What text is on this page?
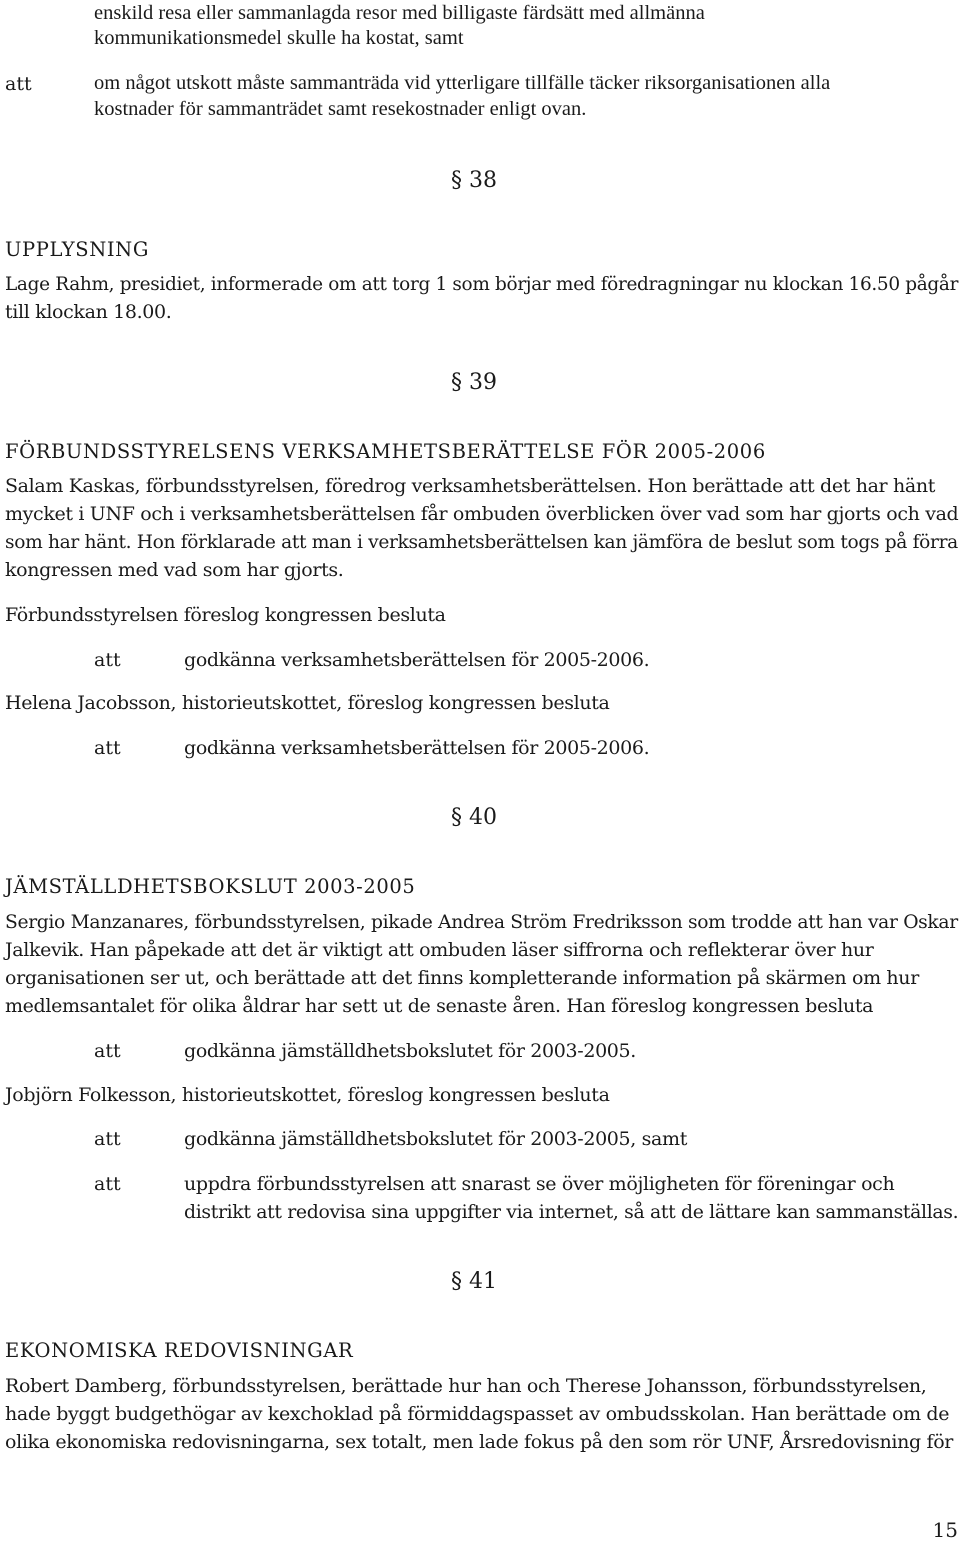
enskild resa eller sammanlagda resor med billigaste färdsätt med allmänna
kommunikationsmedel skulle ha kostat, samt
att	om något utskott måste sammanträda vid ytterligare tillfälle täcker riksorganisationen alla
kostnader för sammanträdet samt resekostnader enligt ovan.
§ 38
UPPLYSNING
Lage Rahm, presidiet, informerade om att torg 1 som börjar med föredragningar nu klockan 16.50 pågår
till klockan 18.00.
§ 39
FÖRBUNDSSTYRELSENS VERKSAMHETSBERÄTTELSE FÖR 2005-2006
Salam Kaskas, förbundsstyrelsen, föredrog verksamhetsberättelsen. Hon berättade att det har hänt
mycket i UNF och i verksamhetsberättelsen får ombuden överblicken över vad som har gjorts och vad
som har hänt. Hon förklarade att man i verksamhetsberättelsen kan jämföra de beslut som togs på förra
kongressen med vad som har gjorts.
Förbundsstyrelsen föreslog kongressen besluta
att	godkänna verksamhetsberättelsen för 2005-2006.
Helena Jacobsson, historieutskottet, föreslog kongressen besluta
att	godkänna verksamhetsberättelsen för 2005-2006.
§ 40
JÄMSTÄLLDHETSBOKSLUT 2003-2005
Sergio Manzanares, förbundsstyrelsen, pikade Andrea Ström Fredriksson som trodde att han var Oskar
Jalkevik. Han påpekade att det är viktigt att ombuden läser siffrorna och reflekterar över hur
organisationen ser ut, och berättade att det finns kompletterande information på skärmen om hur
medlemsantalet för olika åldrar har sett ut de senaste åren. Han föreslog kongressen besluta
att	godkänna jämställdhetsbokslutet för 2003-2005.
Jobjörn Folkesson, historieutskottet, föreslog kongressen besluta
att	godkänna jämställdhetsbokslutet för 2003-2005, samt
att	uppdra förbundsstyrelsen att snarast se över möjligheten för föreningar och
distrikt att redovisa sina uppgifter via internet, så att de lättare kan sammanställas.
§ 41
EKONOMISKA REDOVISNINGAR
Robert Damberg, förbundsstyrelsen, berättade hur han och Therese Johansson, förbundsstyrelsen,
hade byggt budgethögar av kexchoklad på förmiddagspasset av ombudsskolan. Han berättade om de
olika ekonomiska redovisningarna, sex totalt, men lade fokus på den som rör UNF, Årsredovisning för
15
